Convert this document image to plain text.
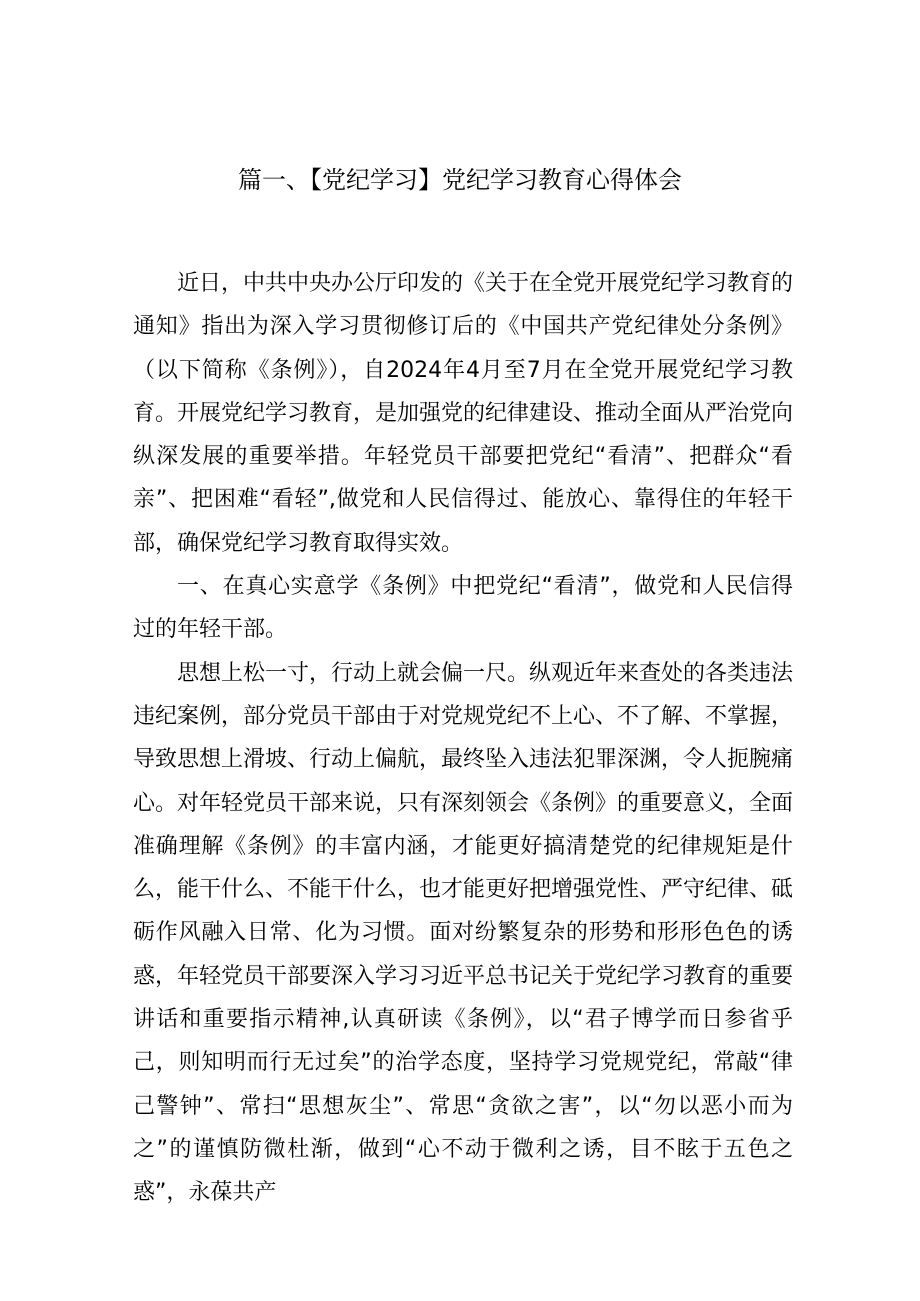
篇一、【党纪学习】党纪学习教育心得体会

近日，中共中央办公厅印发的《关于在全党开展党纪学习教育的通知》指出为深入学习贯彻修订后的《中国共产党纪律处分条例》（以下简称《条例》），自2024年4月至7月在全党开展党纪学习教育。开展党纪学习教育，是加强党的纪律建设、推动全面从严治党向纵深发展的重要举措。年轻党员干部要把党纪“看清”、把群众“看亲”、把困难“看轻”,做党和人民信得过、能放心、靠得住的年轻干部，确保党纪学习教育取得实效。

一、在真心实意学《条例》中把党纪“看清”，做党和人民信得过的年轻干部。

思想上松一寸，行动上就会偏一尺。纵观近年来查处的各类违法违纪案例，部分党员干部由于对党规党纪不上心、不了解、不掌握，导致思想上滑坡、行动上偏航，最终坠入违法犯罪深渊，令人扼腕痛心。对年轻党员干部来说，只有深刻领会《条例》的重要意义，全面准确理解《条例》的丰富内涵，才能更好搞清楚党的纪律规矩是什么，能干什么、不能干什么，也才能更好把增强党性、严守纪律、砥砺作风融入日常、化为习惯。面对纷繁复杂的形势和形形色色的诱惑，年轻党员干部要深入学习习近平总书记关于党纪学习教育的重要讲话和重要指示精神,认真研读《条例》，以“君子博学而日参省乎己，则知明而行无过矣”的治学态度，坚持学习党规党纪，常敲“律己警钟”、常扫“思想灰尘”、常思“贪欲之害”，以“勿以恶小而为之”的谨慎防微杜渐，做到“心不动于微利之诱，目不眩于五色之惑”，永葆共产
